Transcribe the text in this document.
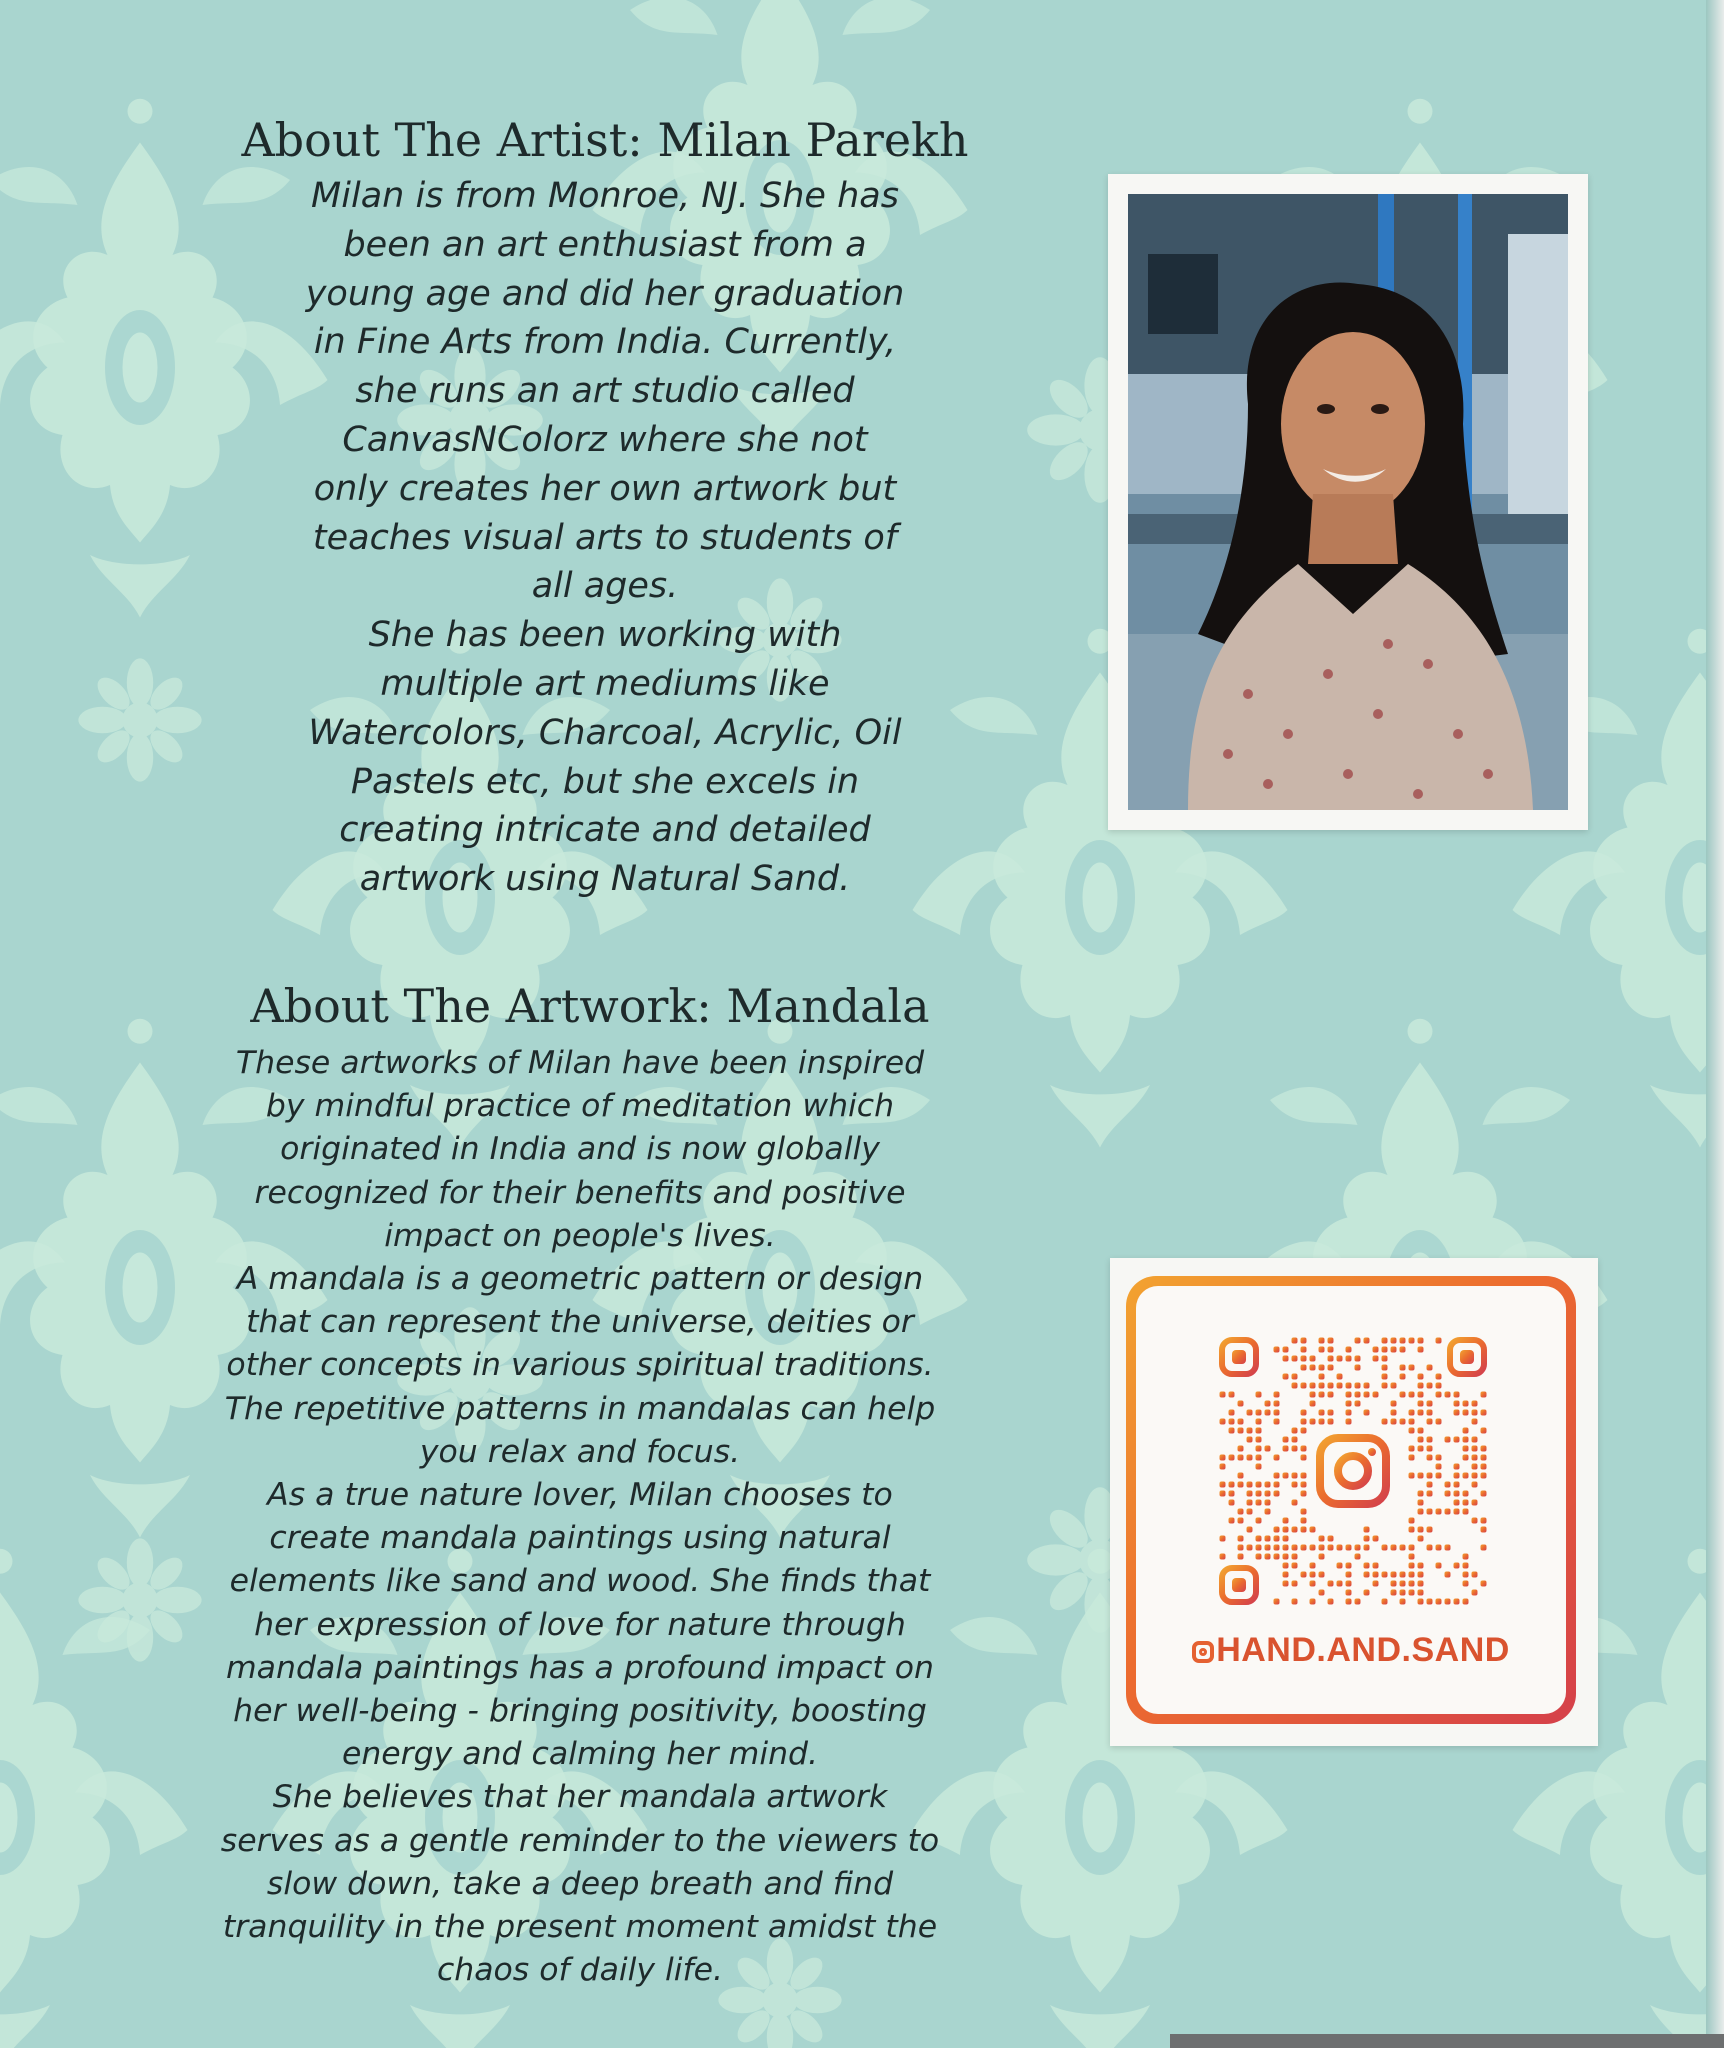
About The Artist: Milan Parekh
Milan is from Monroe, NJ. She has
been an art enthusiast from a
young age and did her graduation
in Fine Arts from India. Currently,
she runs an art studio called
CanvasNColorz where she not
only creates her own artwork but
teaches visual arts to students of
all ages.
She has been working with
multiple art mediums like
Watercolors, Charcoal, Acrylic, Oil
Pastels etc, but she excels in
creating intricate and detailed
artwork using Natural Sand.
About The Artwork: Mandala
These artworks of Milan have been inspired
by mindful practice of meditation which
originated in India and is now globally
recognized for their benefits and positive
impact on people's lives.
A mandala is a geometric pattern or design
that can represent the universe, deities or
other concepts in various spiritual traditions.
The repetitive patterns in mandalas can help
you relax and focus.
As a true nature lover, Milan chooses to
create mandala paintings using natural
elements like sand and wood. She finds that
her expression of love for nature through
mandala paintings has a profound impact on
her well-being - bringing positivity, boosting
energy and calming her mind.
She believes that her mandala artwork
serves as a gentle reminder to the viewers to
slow down, take a deep breath and find
tranquility in the present moment amidst the
chaos of daily life.
HAND.AND.SAND
